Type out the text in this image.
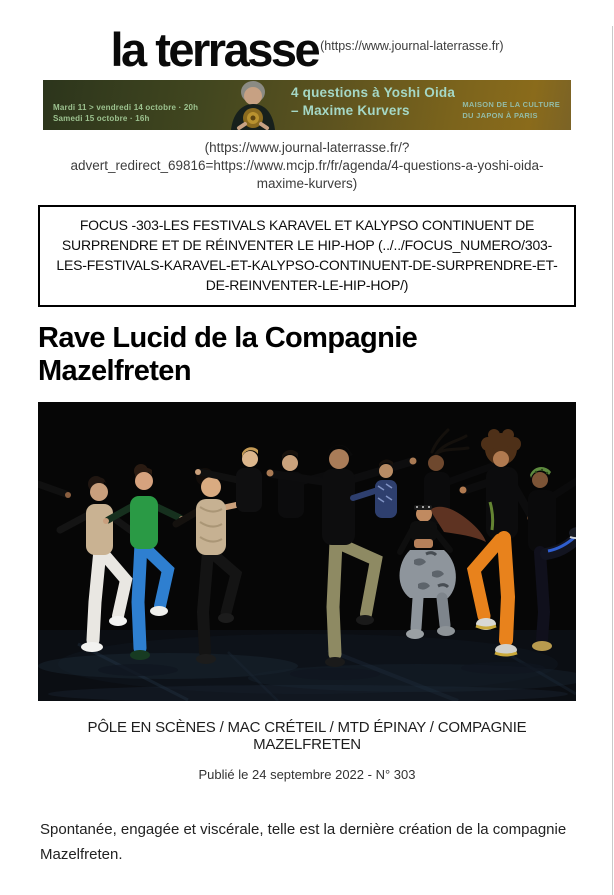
la terrasse (https://www.journal-laterrasse.fr)
Mardi 11 > vendredi 14 octobre · 20h
Samedi 15 octobre · 16h
4 questions à Yoshi Oida
– Maxime Kurvers	MAISON DE LA CULTURE
DU JAPON À PARIS
(https://www.journal-laterrasse.fr/?advert_redirect_69816=https://www.mcjp.fr/fr/agenda/4-questions-a-yoshi-oida-maxime-kurvers)
FOCUS -303-LES FESTIVALS KARAVEL ET KALYPSO CONTINUENT DE SURPRENDRE ET DE RÉINVENTER LE HIP-HOP (../../FOCUS_NUMERO/303-LES-FESTIVALS-KARAVEL-ET-KALYPSO-CONTINUENT-DE-SURPRENDRE-ET-DE-REINVENTER-LE-HIP-HOP/)
Rave Lucid de la Compagnie Mazelfreten
PÔLE EN SCÈNES / MAC CRÉTEIL / MTD ÉPINAY / COMPAGNIE MAZELFRETEN
Publié le 24 septembre 2022 - N° 303

Spontanée, engagée et viscérale, telle est la dernière création de la compagnie Mazelfreten.
